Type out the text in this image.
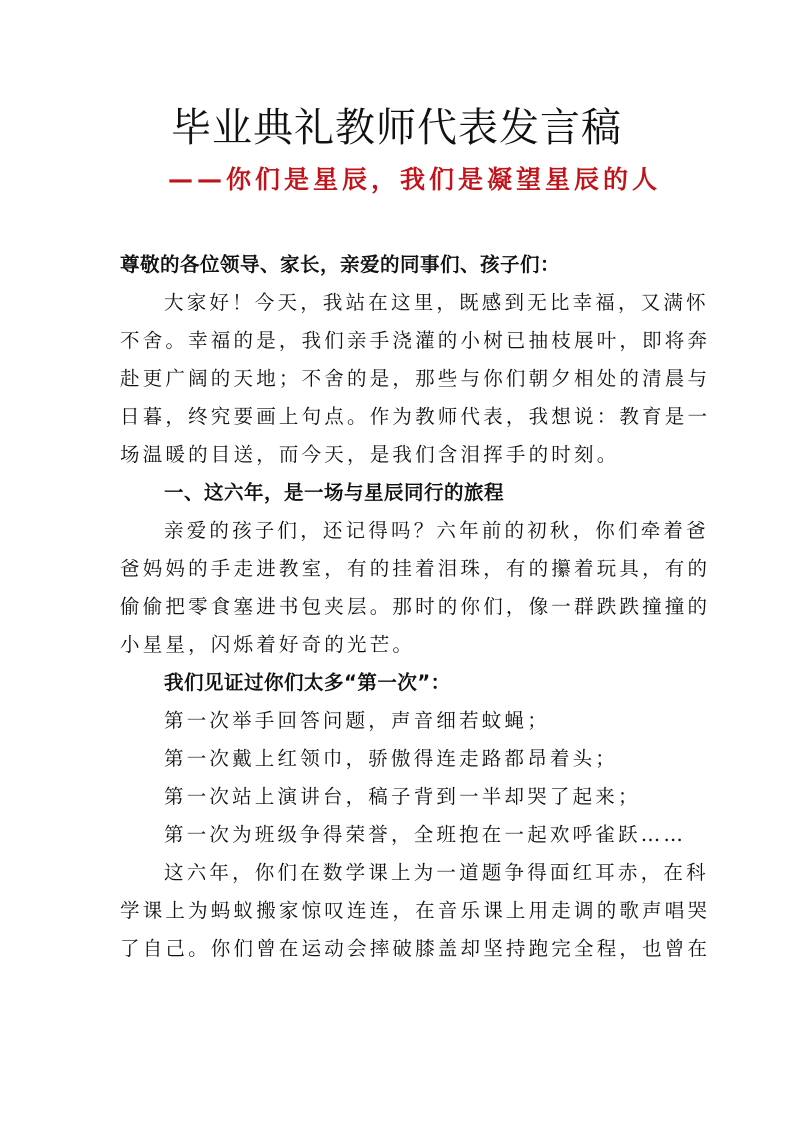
毕业典礼教师代表发言稿
——你们是星辰，我们是凝望星辰的人
尊敬的各位领导、家长，亲爱的同事们、孩子们：
大家好！今天，我站在这里，既感到无比幸福，又满怀
不舍。幸福的是，我们亲手浇灌的小树已抽枝展叶，即将奔
赴更广阔的天地；不舍的是，那些与你们朝夕相处的清晨与
日暮，终究要画上句点。作为教师代表，我想说：教育是一
场温暖的目送，而今天，是我们含泪挥手的时刻。
一、这六年，是一场与星辰同行的旅程
亲爱的孩子们，还记得吗？六年前的初秋，你们牵着爸
爸妈妈的手走进教室，有的挂着泪珠，有的攥着玩具，有的
偷偷把零食塞进书包夹层。那时的你们，像一群跌跌撞撞的
小星星，闪烁着好奇的光芒。
我们见证过你们太多“第一次”：
第一次举手回答问题，声音细若蚊蝇；
第一次戴上红领巾，骄傲得连走路都昂着头；
第一次站上演讲台，稿子背到一半却哭了起来；
第一次为班级争得荣誉，全班抱在一起欢呼雀跃……
这六年，你们在数学课上为一道题争得面红耳赤，在科
学课上为蚂蚁搬家惊叹连连，在音乐课上用走调的歌声唱哭
了自己。你们曾在运动会摔破膝盖却坚持跑完全程，也曾在
